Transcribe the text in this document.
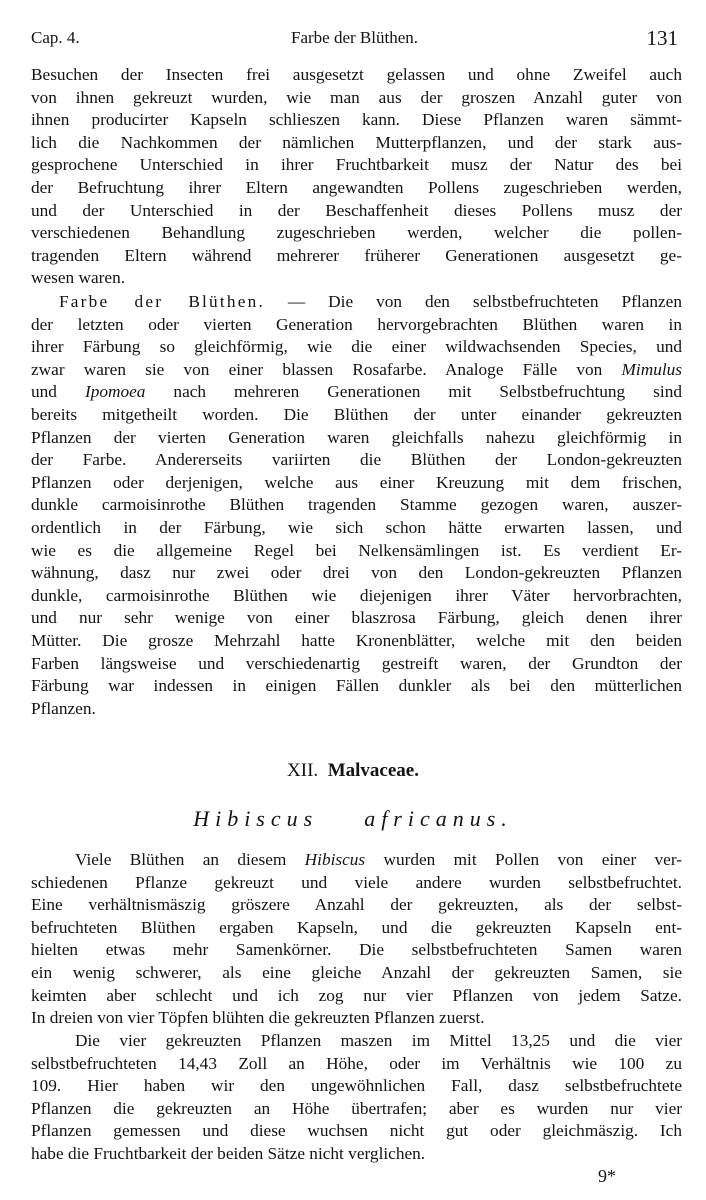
Cap. 4.	Farbe der Blüthen.	131
Besuchen der Insecten frei ausgesetzt gelassen und ohne Zweifel auch
von ihnen gekreuzt wurden, wie man aus der groszen Anzahl guter von
ihnen producirter Kapseln schlieszen kann. Diese Pflanzen waren sämmt-
lich die Nachkommen der nämlichen Mutterpflanzen, und der stark aus-
gesprochene Unterschied in ihrer Fruchtbarkeit musz der Natur des bei
der Befruchtung ihrer Eltern angewandten Pollens zugeschrieben werden,
und der Unterschied in der Beschaffenheit dieses Pollens musz der
verschiedenen Behandlung zugeschrieben werden, welcher die pollen-
tragenden Eltern während mehrerer früherer Generationen ausgesetzt ge-
wesen waren.
Farbe der Blüthen. — Die von den selbstbefruchteten Pflanzen
der letzten oder vierten Generation hervorgebrachten Blüthen waren in
ihrer Färbung so gleichförmig, wie die einer wildwachsenden Species, und
zwar waren sie von einer blassen Rosafarbe. Analoge Fälle von Mimulus
und Ipomoea nach mehreren Generationen mit Selbstbefruchtung sind
bereits mitgetheilt worden. Die Blüthen der unter einander gekreuzten
Pflanzen der vierten Generation waren gleichfalls nahezu gleichförmig in
der Farbe. Andererseits variirten die Blüthen der London-gekreuzten
Pflanzen oder derjenigen, welche aus einer Kreuzung mit dem frischen,
dunkle carmoisinrothe Blüthen tragenden Stamme gezogen waren, auszer-
ordentlich in der Färbung, wie sich schon hätte erwarten lassen, und
wie es die allgemeine Regel bei Nelkensämlingen ist. Es verdient Er-
wähnung, dasz nur zwei oder drei von den London-gekreuzten Pflanzen
dunkle, carmoisinrothe Blüthen wie diejenigen ihrer Väter hervorbrachten,
und nur sehr wenige von einer blaszrosa Färbung, gleich denen ihrer
Mütter. Die grosze Mehrzahl hatte Kronenblätter, welche mit den beiden
Farben längsweise und verschiedenartig gestreift waren, der Grundton der
Färbung war indessen in einigen Fällen dunkler als bei den mütterlichen
Pflanzen.
XII. Malvaceae.
Hibiscus africanus.
Viele Blüthen an diesem Hibiscus wurden mit Pollen von einer ver-
schiedenen Pflanze gekreuzt und viele andere wurden selbstbefruchtet.
Eine verhältnismäszig gröszere Anzahl der gekreuzten, als der selbst-
befruchteten Blüthen ergaben Kapseln, und die gekreuzten Kapseln ent-
hielten etwas mehr Samenkörner. Die selbstbefruchteten Samen waren
ein wenig schwerer, als eine gleiche Anzahl der gekreuzten Samen, sie
keimten aber schlecht und ich zog nur vier Pflanzen von jedem Satze.
In dreien von vier Töpfen blühten die gekreuzten Pflanzen zuerst.
Die vier gekreuzten Pflanzen maszen im Mittel 13,25 und die vier
selbstbefruchteten 14,43 Zoll an Höhe, oder im Verhältnis wie 100 zu
109. Hier haben wir den ungewöhnlichen Fall, dasz selbstbefruchtete
Pflanzen die gekreuzten an Höhe übertrafen; aber es wurden nur vier
Pflanzen gemessen und diese wuchsen nicht gut oder gleichmäszig. Ich
habe die Fruchtbarkeit der beiden Sätze nicht verglichen.
9*
